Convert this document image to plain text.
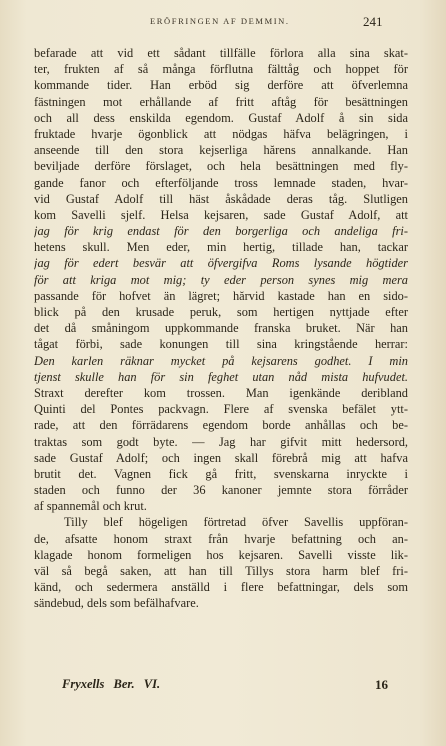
ERÖFRINGEN AF DEMMIN.	241
befarade att vid ett sådant tillfälle förlora alla sina skat-
ter, frukten af så många förflutna fälttåg och hoppet för
kommande tider. Han erböd sig derföre att öfverlemna
fästningen mot erhållande af fritt aftåg för besättningen
och all dess enskilda egendom. Gustaf Adolf å sin sida
fruktade hvarje ögonblick att nödgas häfva belägringen, i
anseende till den stora kejserliga hărens annalkande. Han
beviljade derföre förslaget, och hela besättningen med fly-
gande fanor och efterföljande tross lemnade staden, hvar-
vid Gustaf Adolf till häst åskådade deras tåg. Slutligen
kom Savelli sjelf. Helsa kejsaren, sade Gustaf Adolf, att
jag för krig endast för den borgerliga och andeliga fri-
hetens skull. Men eder, min hertig, tillade han, tackar
jag för edert besvär att öfvergifva Roms lysande högtider
för att kriga mot mig; ty eder person synes mig mera
passande för hofvet än lägret; hărvid kastade han en sido-
blick på den krusade peruk, som hertigen nyttjade efter
det då småningom uppkommande franska bruket. När han
tågat förbi, sade konungen till sina kringstående herrar:
Den karlen räknar mycket på kejsarens godhet. I min
tjenst skulle han för sin feghet utan nåd mista hufvudet.
Straxt derefter kom trossen. Man igenkände deribland
Quinti del Pontes packvagn. Flere af svenska befälet ytt-
rade, att den förrädarens egendom borde anhållas och be-
traktas som godt byte. — Jag har gifvit mitt hedersord,
sade Gustaf Adolf; och ingen skall förebrå mig att hafva
brutit det. Vagnen fick gå fritt, svenskarna inryckte i
staden och funno der 36 kanoner jemnte stora förråder
af spannemål och krut.
Tilly blef högeligen förtretad öfver Savellis uppföran-
de, afsatte honom straxt från hvarje befattning och an-
klagade honom formeligen hos kejsaren. Savelli visste lik-
väl så begå saken, att han till Tillys stora harm blef fri-
känd, och sedermera anställd i flere befattningar, dels som
sändebud, dels som befälhafvare.
Fryxells Ber. VI.	16
